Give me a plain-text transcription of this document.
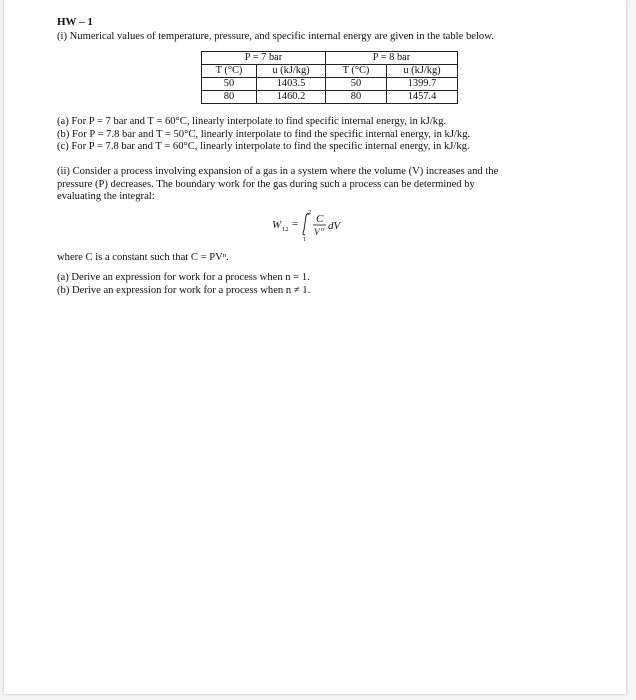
HW – 1
(i) Numerical values of temperature, pressure, and specific internal energy are given in the table below.
P = 7 bar		P = 8 bar	
T (°C)	u (kJ/kg)	T (°C)	u (kJ/kg)
50	1403.5	50	1399.7
80	1460.2	80	1457.4
(a) For P = 7 bar and T = 60°C, linearly interpolate to find specific internal energy, in kJ/kg.
(b) For P = 7.8 bar and T = 50°C, linearly interpolate to find the specific internal energy, in kJ/kg.
(c) For P = 7.8 bar and T = 60°C, linearly interpolate to find the specific internal energy, in kJ/kg.
(ii) Consider a process involving expansion of a gas in a system where the volume (V) increases and the
pressure (P) decreases. The boundary work for the gas during such a process can be determined by
evaluating the integral:
W 12 =
2
1
C
V n dV
where C is a constant such that C = PVⁿ.
(a) Derive an expression for work for a process when n = 1.
(b) Derive an expression for work for a process when n ≠ 1.
